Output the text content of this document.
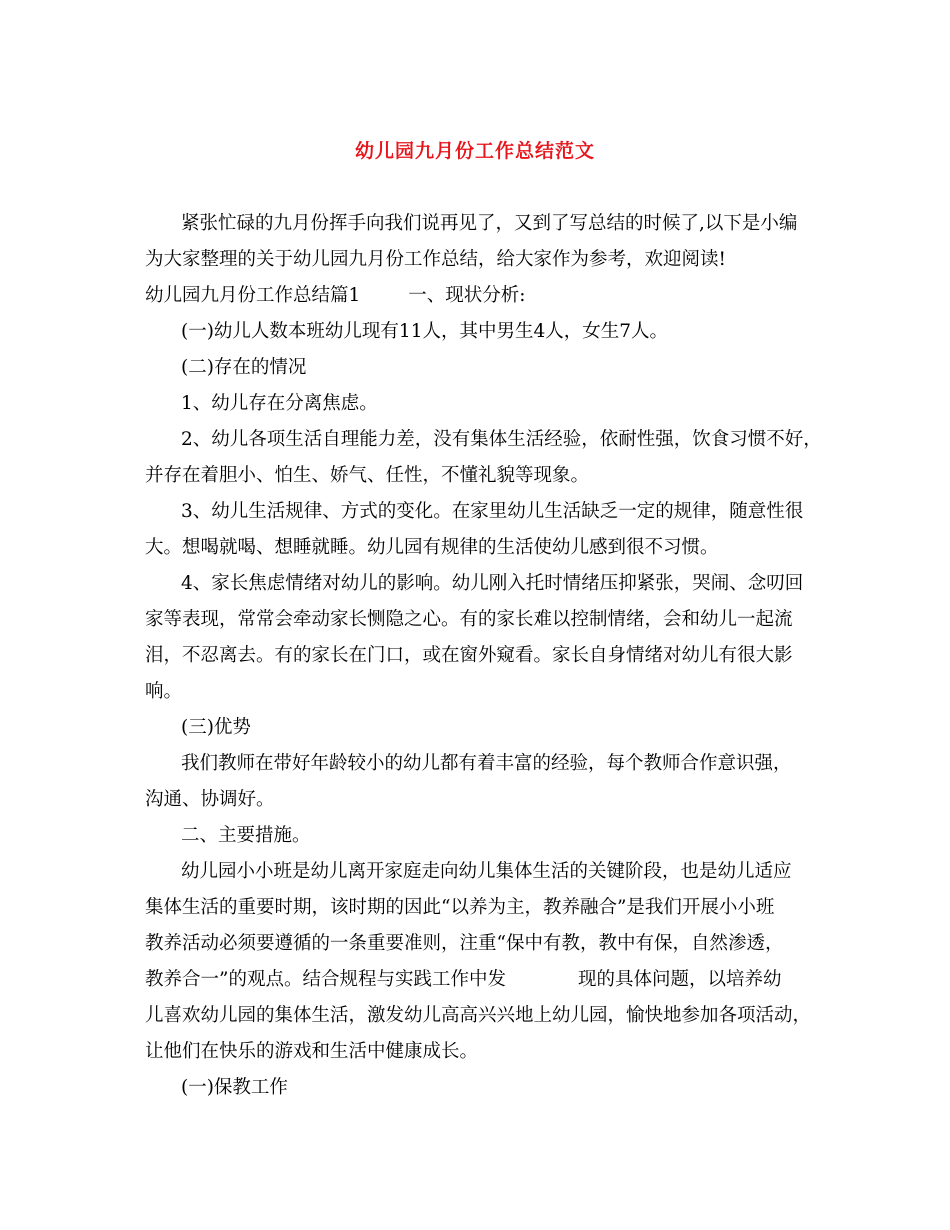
幼儿园九月份工作总结范文
紧张忙碌的九月份挥手向我们说再见了，又到了写总结的时候了,以下是小编
为大家整理的关于幼儿园九月份工作总结，给大家作为参考，欢迎阅读!
幼儿园九月份工作总结篇1	一、现状分析:
(一)幼儿人数本班幼儿现有11人，其中男生4人，女生7人。
(二)存在的情况
1、幼儿存在分离焦虑。
2、幼儿各项生活自理能力差，没有集体生活经验，依耐性强，饮食习惯不好，
并存在着胆小、怕生、娇气、任性，不懂礼貌等现象。
3、幼儿生活规律、方式的变化。在家里幼儿生活缺乏一定的规律，随意性很
大。想喝就喝、想睡就睡。幼儿园有规律的生活使幼儿感到很不习惯。
4、家长焦虑情绪对幼儿的影响。幼儿刚入托时情绪压抑紧张，哭闹、念叨回
家等表现，常常会牵动家长恻隐之心。有的家长难以控制情绪，会和幼儿一起流
泪，不忍离去。有的家长在门口，或在窗外窥看。家长自身情绪对幼儿有很大影
响。
(三)优势
我们教师在带好年龄较小的幼儿都有着丰富的经验，每个教师合作意识强，
沟通、协调好。
二、主要措施。
幼儿园小小班是幼儿离开家庭走向幼儿集体生活的关键阶段，也是幼儿适应
集体生活的重要时期，该时期的因此“以养为主，教养融合”是我们开展小小班
教养活动必须要遵循的一条重要准则，注重“保中有教，教中有保，自然渗透，
教养合一”的观点。结合规程与实践工作中发	现的具体问题，以培养幼
儿喜欢幼儿园的集体生活，激发幼儿高高兴兴地上幼儿园，愉快地参加各项活动，
让他们在快乐的游戏和生活中健康成长。
(一)保教工作
